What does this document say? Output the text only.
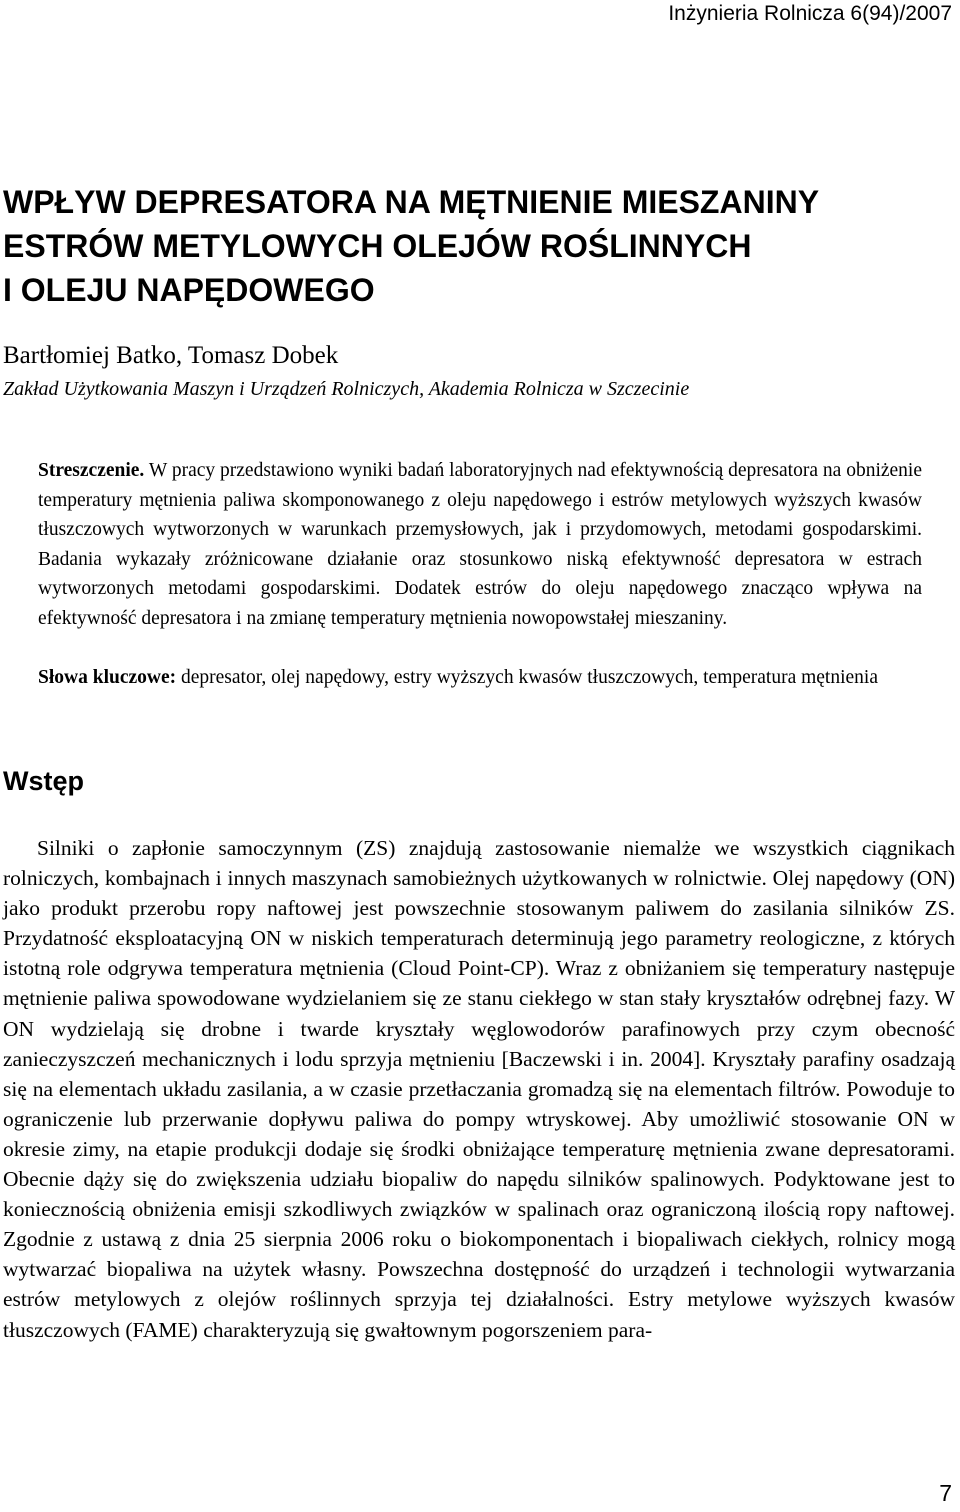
Inżynieria Rolnicza 6(94)/2007
WPŁYW DEPRESATORA NA MĘTNIENIE MIESZANINY
ESTRÓW METYLOWYCH OLEJÓW ROŚLINNYCH
I OLEJU NAPĘDOWEGO
Bartłomiej Batko, Tomasz Dobek
Zakład Użytkowania Maszyn i Urządzeń Rolniczych, Akademia Rolnicza w Szczecinie

Streszczenie. W pracy przedstawiono wyniki badań laboratoryjnych nad efektywnością depresatora na obniżenie temperatury mętnienia paliwa skomponowanego z oleju napędowego i estrów metylowych wyższych kwasów tłuszczowych wytworzonych w warunkach przemysłowych, jak i przydomowych, metodami gospodarskimi. Badania wykazały zróżnicowane działanie oraz stosunkowo niską efektywność depresatora w estrach wytworzonych metodami gospodarskimi. Dodatek estrów do oleju napędowego znacząco wpływa na efektywność depresatora i na zmianę temperatury mętnienia nowopowstałej mieszaniny.

Słowa kluczowe: depresator, olej napędowy, estry wyższych kwasów tłuszczowych, temperatura mętnienia

Wstęp

Silniki o zapłonie samoczynnym (ZS) znajdują zastosowanie niemalże we wszystkich ciągnikach rolniczych, kombajnach i innych maszynach samobieżnych użytkowanych w rolnictwie. Olej napędowy (ON) jako produkt przerobu ropy naftowej jest powszechnie stosowanym paliwem do zasilania silników ZS. Przydatność eksploatacyjną ON w niskich temperaturach determinują jego parametry reologiczne, z których istotną role odgrywa temperatura mętnienia (Cloud Point-CP). Wraz z obniżaniem się temperatury następuje mętnienie paliwa spowodowane wydzielaniem się ze stanu ciekłego w stan stały kryształów odrębnej fazy. W ON wydzielają się drobne i twarde kryształy węglowodorów parafinowych przy czym obecność zanieczyszczeń mechanicznych i lodu sprzyja mętnieniu [Baczewski i in. 2004]. Kryształy parafiny osadzają się na elementach układu zasilania, a w czasie przetłaczania gromadzą się na elementach filtrów. Powoduje to ograniczenie lub przerwanie dopływu paliwa do pompy wtryskowej. Aby umożliwić stosowanie ON w okresie zimy, na etapie produkcji dodaje się środki obniżające temperaturę mętnienia zwane depresatorami. Obecnie dąży się do zwiększenia udziału biopaliw do napędu silników spalinowych. Podyktowane jest to koniecznością obniżenia emisji szkodliwych związków w spalinach oraz ograniczoną ilością ropy naftowej. Zgodnie z ustawą z dnia 25 sierpnia 2006 roku o biokomponentach i biopaliwach ciekłych, rolnicy mogą wytwarzać biopaliwa na użytek własny. Powszechna dostępność do urządzeń i technologii wytwarzania estrów metylowych z olejów roślinnych sprzyja tej działalności. Estry metylowe wyższych kwasów tłuszczowych (FAME) charakteryzują się gwałtownym pogorszeniem para-

7
